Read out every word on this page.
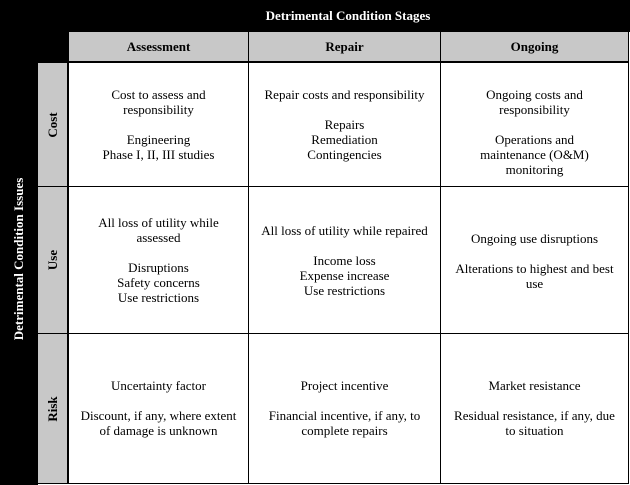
Detrimental Condition Stages
Detrimental Condition Issues
Assessment	Repair	Ongoing
Cost
Use
Risk
Cost to assess and responsibility
Engineering
Phase I, II, III studies
Repair costs and responsibility
Repairs
Remediation
Contingencies
Ongoing costs and responsibility
Operations and maintenance (O&M) monitoring
All loss of utility while assessed
Disruptions
Safety concerns
Use restrictions
All loss of utility while repaired
Income loss
Expense increase
Use restrictions
Ongoing use disruptions
Alterations to highest and best use
Uncertainty factor
Discount, if any, where extent of damage is unknown
Project incentive
Financial incentive, if any, to complete repairs
Market resistance
Residual resistance, if any, due to situation
